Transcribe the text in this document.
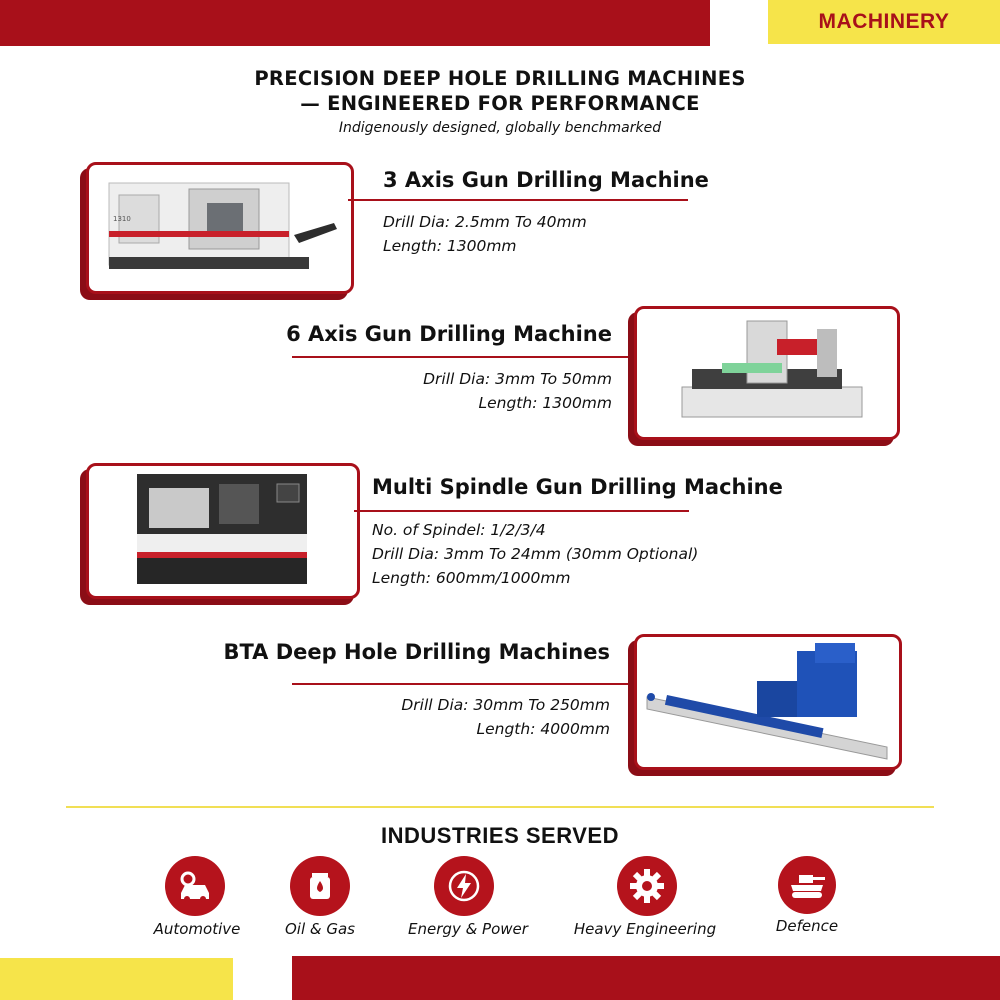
MACHINERY
PRECISION DEEP HOLE DRILLING MACHINES
— ENGINEERED FOR PERFORMANCE
Indigenously designed, globally benchmarked
1310
3 Axis Gun Drilling Machine
Drill Dia: 2.5mm To 40mm
Length: 1300mm
6 Axis Gun Drilling Machine
Drill Dia: 3mm To 50mm
Length: 1300mm
Multi Spindle Gun Drilling Machine
No. of Spindel: 1/2/3/4
Drill Dia: 3mm To 24mm (30mm Optional)
Length: 600mm/1000mm
BTA Deep Hole Drilling Machines
Drill Dia: 30mm To 250mm
Length: 4000mm
INDUSTRIES SERVED
Automotive	Oil & Gas	Energy & Power	Heavy Engineering	Defence
